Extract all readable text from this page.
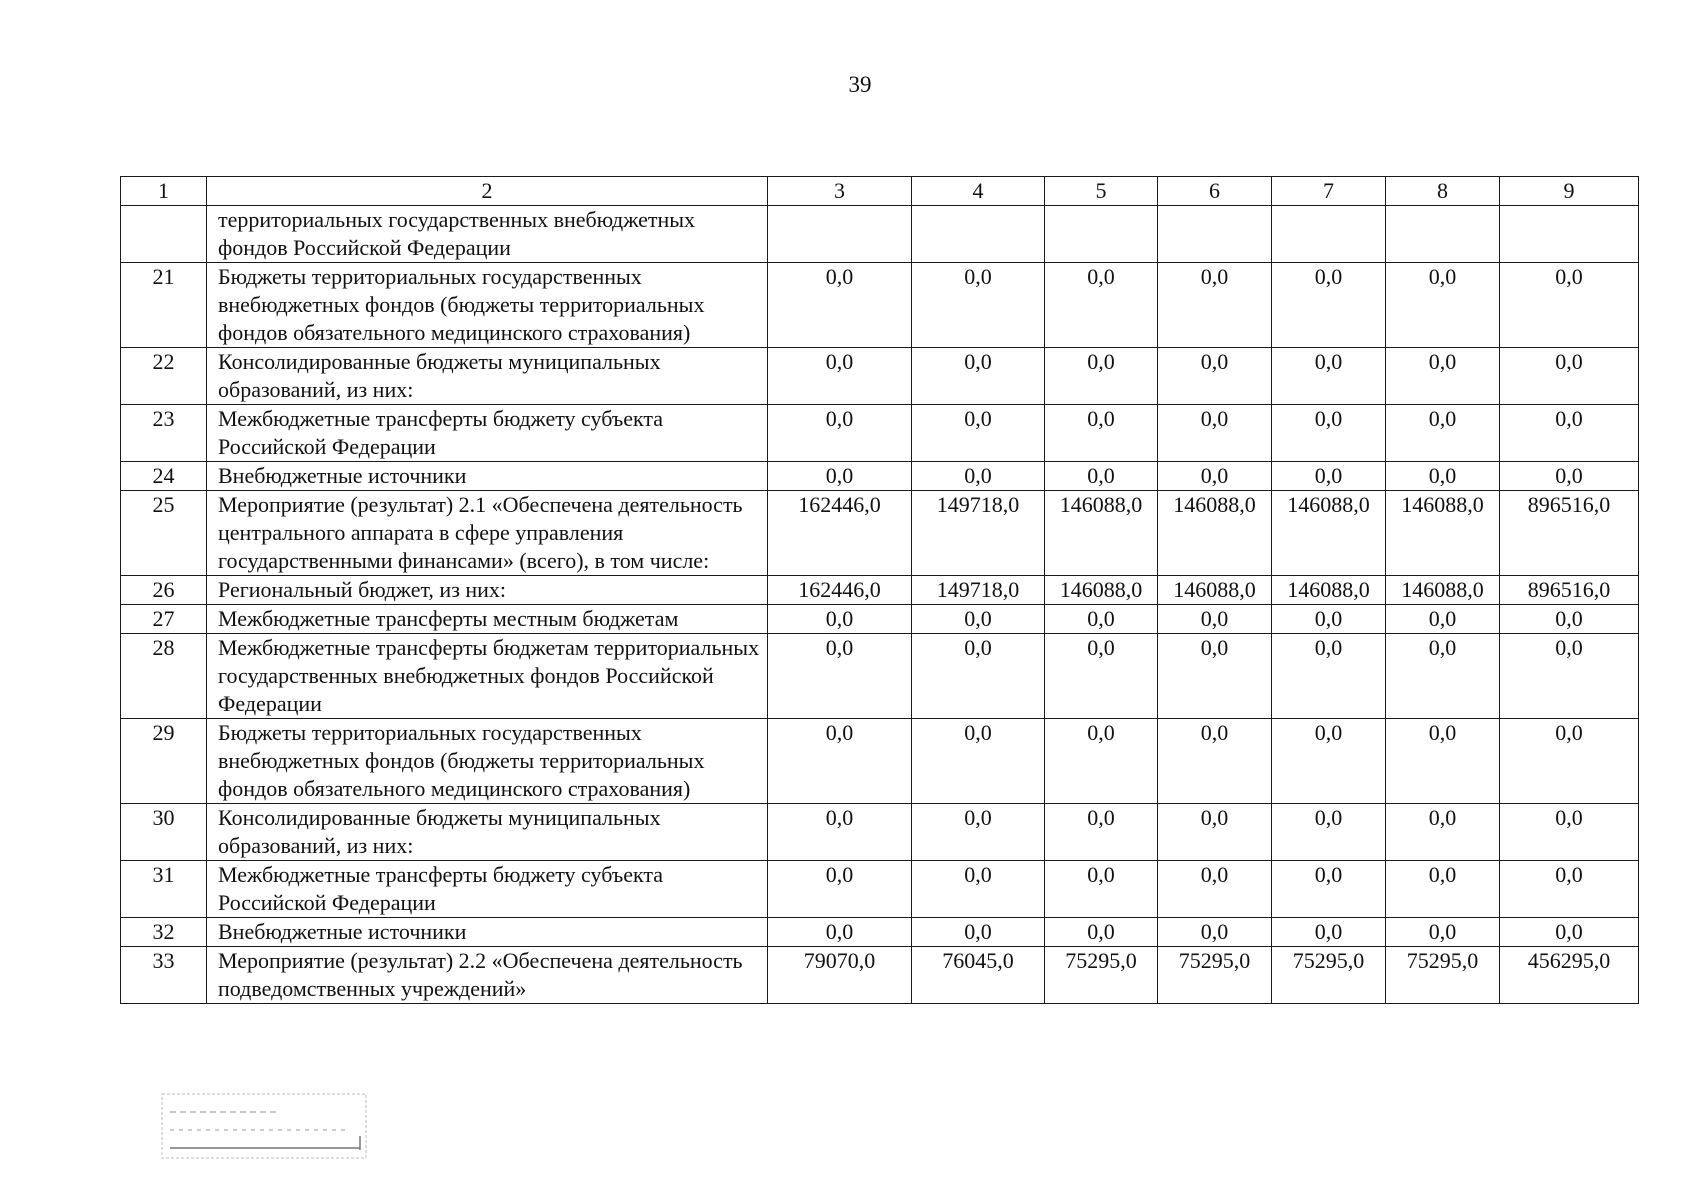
39
1	2	3	4	5	6	7	8	9
	территориальных государственных внебюджетных фондов Российской Федерации							
21	Бюджеты территориальных государственных внебюджетных фондов (бюджеты территориальных фондов обязательного медицинского страхования)	0,0	0,0	0,0	0,0	0,0	0,0	0,0
22	Консолидированные бюджеты муниципальных образований, из них:	0,0	0,0	0,0	0,0	0,0	0,0	0,0
23	Межбюджетные трансферты бюджету субъекта Российской Федерации	0,0	0,0	0,0	0,0	0,0	0,0	0,0
24	Внебюджетные источники	0,0	0,0	0,0	0,0	0,0	0,0	0,0
25	Мероприятие (результат) 2.1 «Обеспечена деятельность центрального аппарата в сфере управления государственными финансами» (всего), в том числе:	162446,0	149718,0	146088,0	146088,0	146088,0	146088,0	896516,0
26	Региональный бюджет, из них:	162446,0	149718,0	146088,0	146088,0	146088,0	146088,0	896516,0
27	Межбюджетные трансферты местным бюджетам	0,0	0,0	0,0	0,0	0,0	0,0	0,0
28	Межбюджетные трансферты бюджетам территориальных государственных внебюджетных фондов Российской Федерации	0,0	0,0	0,0	0,0	0,0	0,0	0,0
29	Бюджеты территориальных государственных внебюджетных фондов (бюджеты территориальных фондов обязательного медицинского страхования)	0,0	0,0	0,0	0,0	0,0	0,0	0,0
30	Консолидированные бюджеты муниципальных образований, из них:	0,0	0,0	0,0	0,0	0,0	0,0	0,0
31	Межбюджетные трансферты бюджету субъекта Российской Федерации	0,0	0,0	0,0	0,0	0,0	0,0	0,0
32	Внебюджетные источники	0,0	0,0	0,0	0,0	0,0	0,0	0,0
33	Мероприятие (результат) 2.2 «Обеспечена деятельность подведомственных учреждений»	79070,0	76045,0	75295,0	75295,0	75295,0	75295,0	456295,0
